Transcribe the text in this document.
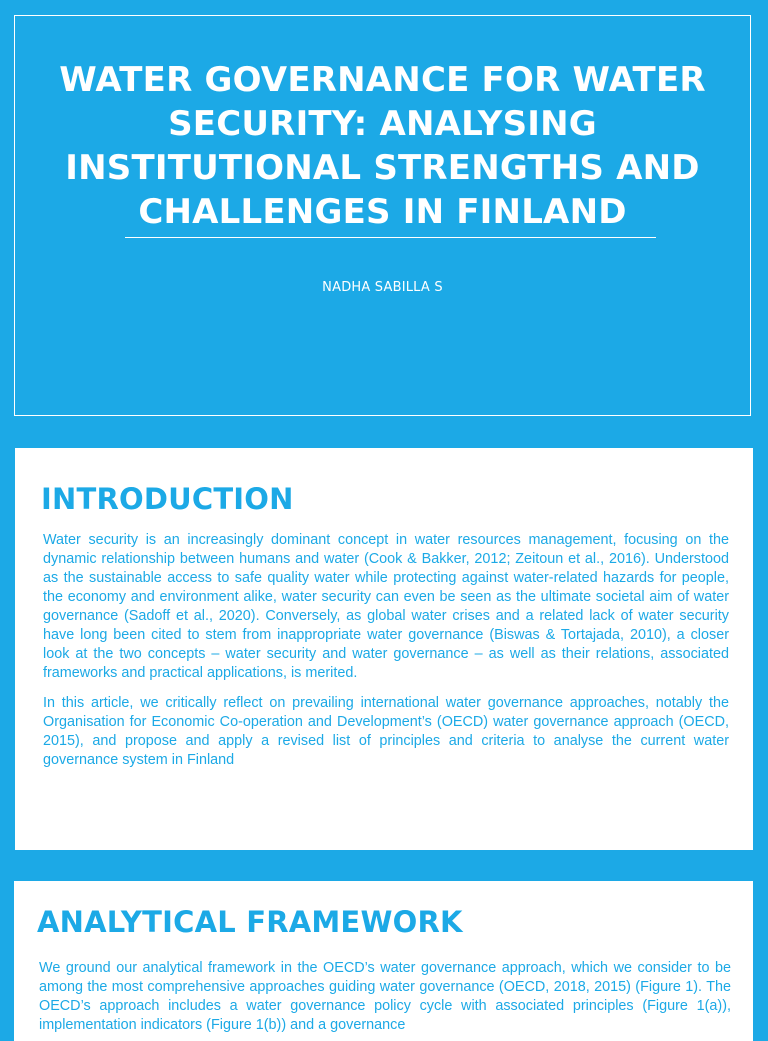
WATER GOVERNANCE FOR WATER SECURITY: ANALYSING INSTITUTIONAL STRENGTHS AND CHALLENGES IN FINLAND
NADHA SABILLA S
INTRODUCTION

Water security is an increasingly dominant concept in water resources management, focusing on the dynamic relationship between humans and water (Cook & Bakker, 2012; Zeitoun et al., 2016). Understood as the sustainable access to safe quality water while protecting against water-related hazards for people, the economy and environment alike, water security can even be seen as the ultimate societal aim of water governance (Sadoff et al., 2020). Conversely, as global water crises and a related lack of water security have long been cited to stem from inappropriate water governance (Biswas & Tortajada, 2010), a closer look at the two concepts – water security and water governance – as well as their relations, associated frameworks and practical applications, is merited.

In this article, we critically reflect on prevailing international water governance approaches, notably the Organisation for Economic Co-operation and Development’s (OECD) water governance approach (OECD, 2015), and propose and apply a revised list of principles and criteria to analyse the current water governance system in Finland

ANALYTICAL FRAMEWORK

We ground our analytical framework in the OECD’s water governance approach, which we consider to be among the most comprehensive approaches guiding water governance (OECD, 2018, 2015) (Figure 1). The OECD’s approach includes a water governance policy cycle with associated principles (Figure 1(a)), implementation indicators (Figure 1(b)) and a governance
